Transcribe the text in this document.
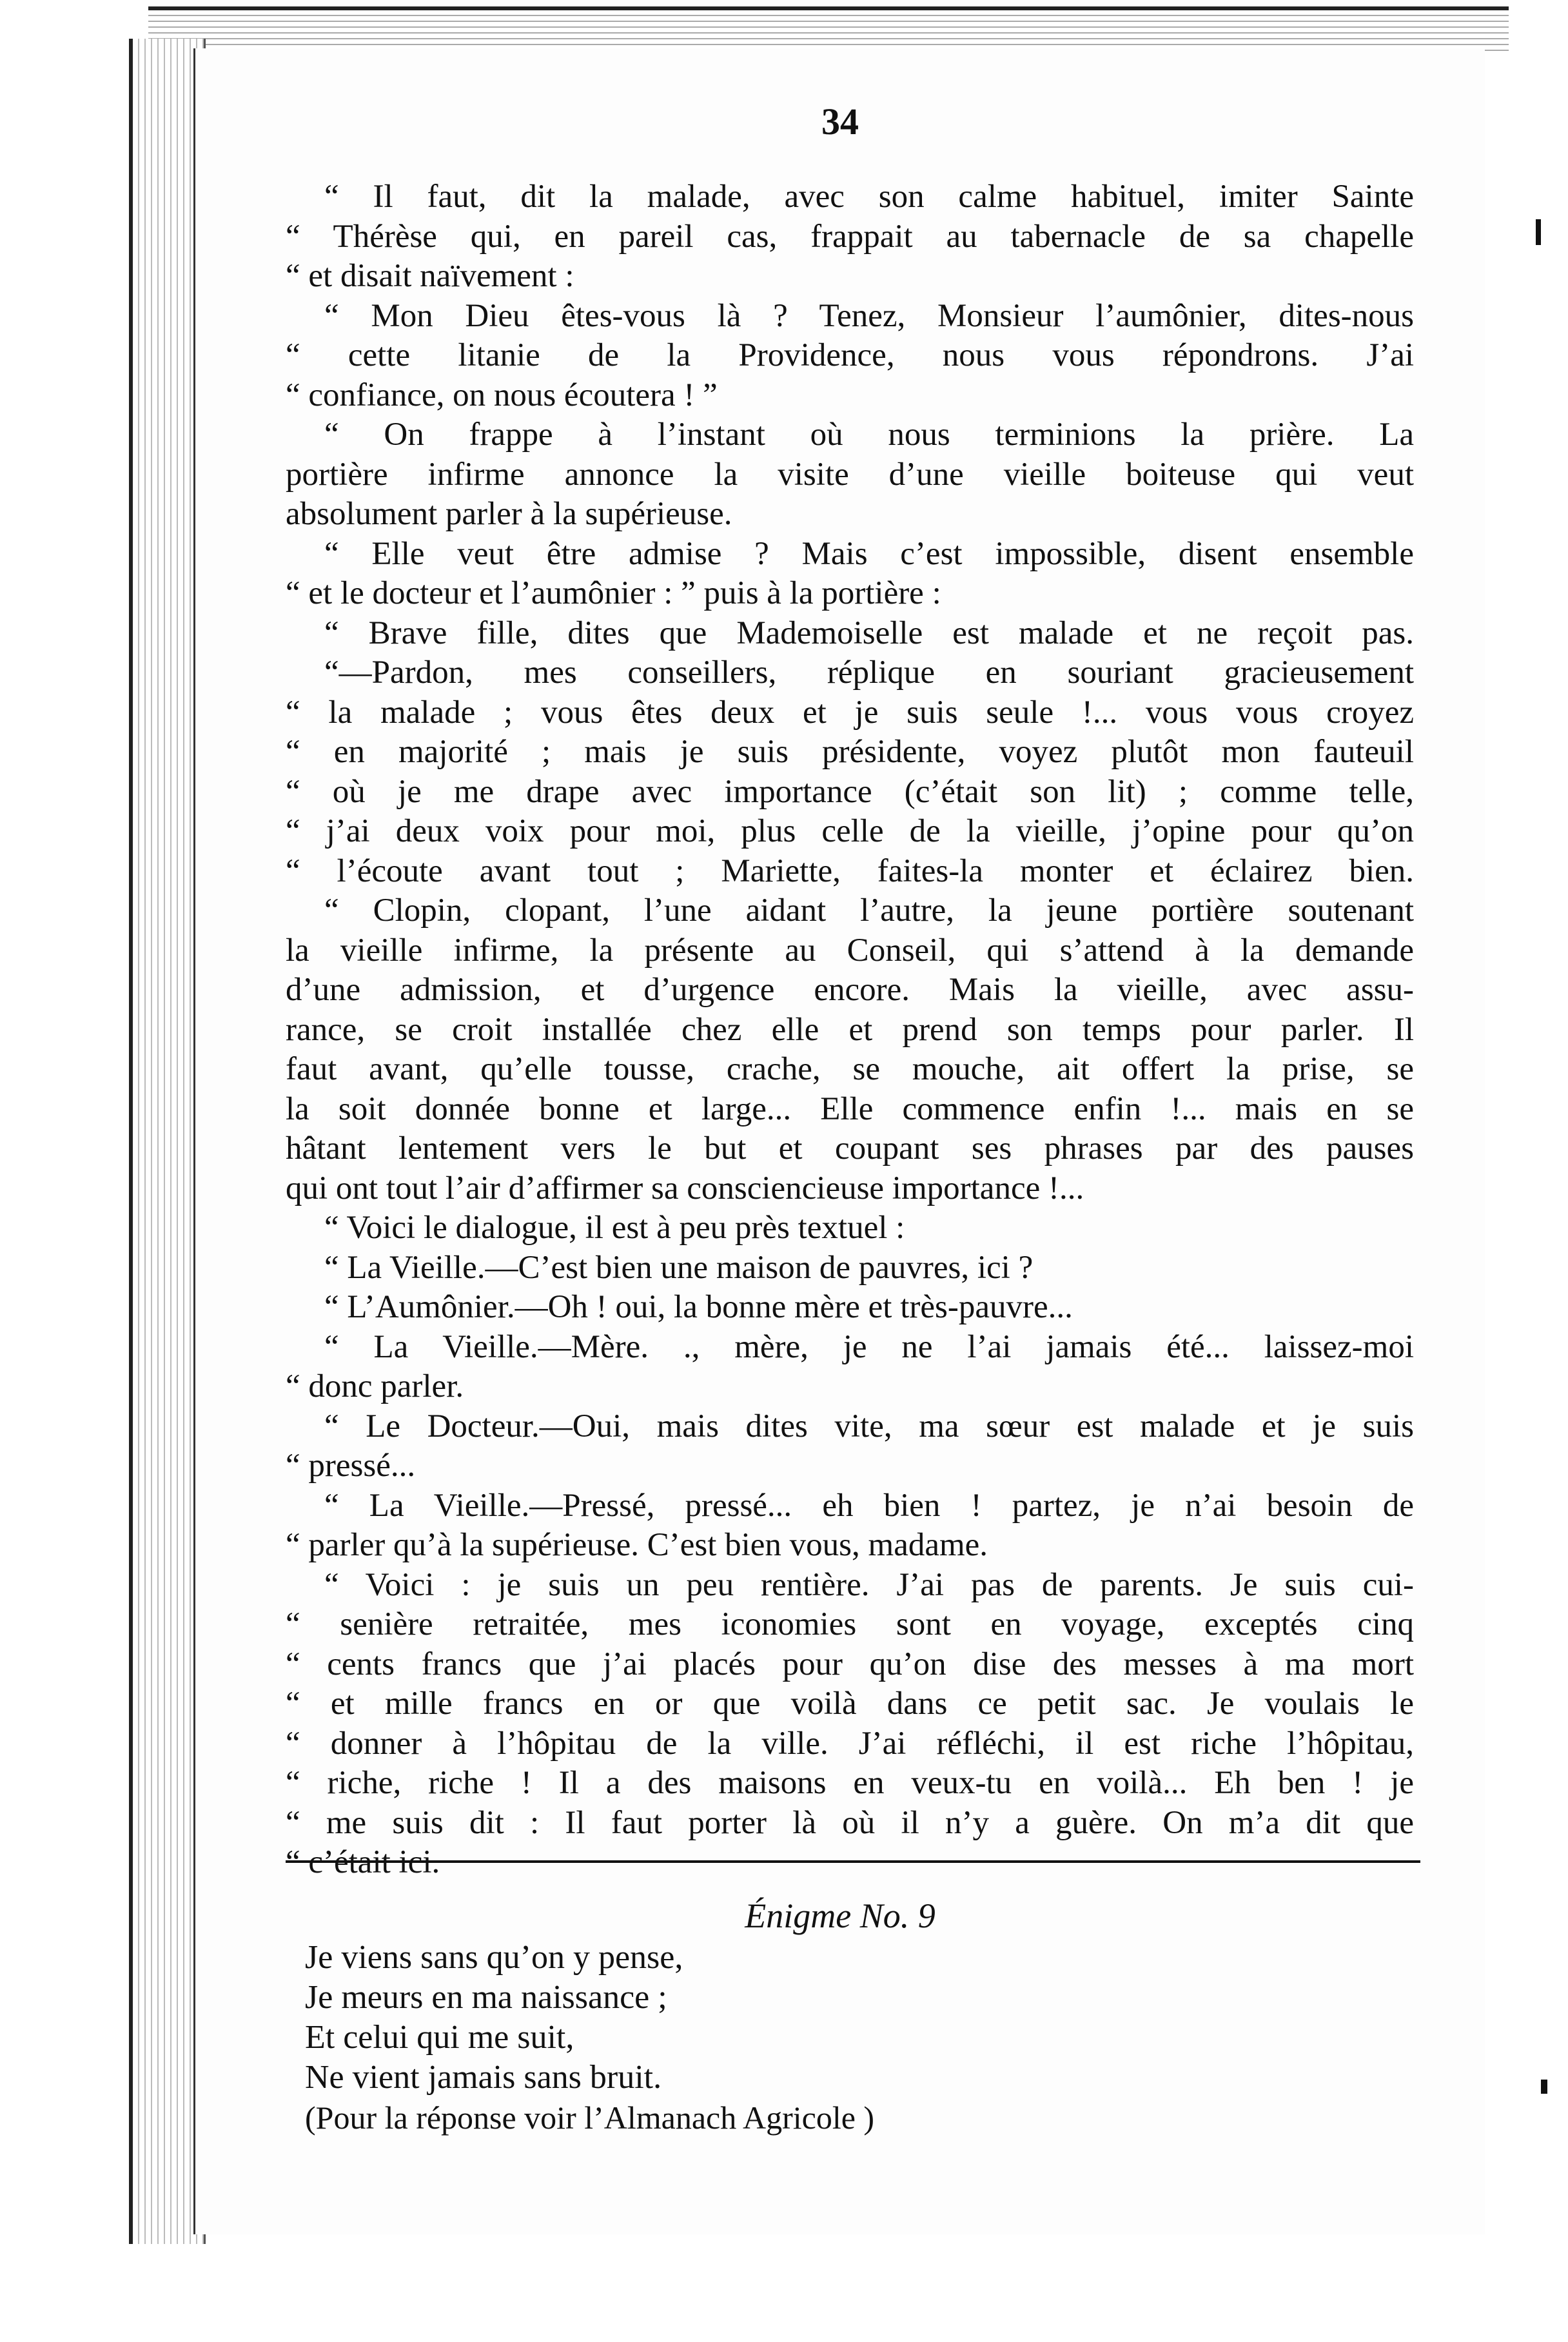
34
“ Il faut, dit la malade, avec son calme habituel, imiter Sainte
“ Thérèse qui, en pareil cas, frappait au tabernacle de sa chapelle
“ et disait naïvement :
“ Mon Dieu êtes-vous là ? Tenez, Monsieur l’aumônier, dites-nous
“ cette litanie de la Providence, nous vous répondrons. J’ai
“ confiance, on nous écoutera ! ”
“ On frappe à l’instant où nous terminions la prière. La
portière infirme annonce la visite d’une vieille boiteuse qui veut
absolument parler à la supérieuse.
“ Elle veut être admise ? Mais c’est impossible, disent ensemble
“ et le docteur et l’aumônier : ” puis à la portière :
“ Brave fille, dites que Mademoiselle est malade et ne reçoit pas.
“—Pardon, mes conseillers, réplique en souriant gracieusement
“ la malade ; vous êtes deux et je suis seule !... vous vous croyez
“ en majorité ; mais je suis présidente, voyez plutôt mon fauteuil
“ où je me drape avec importance (c’était son lit) ; comme telle,
“ j’ai deux voix pour moi, plus celle de la vieille, j’opine pour qu’on
“ l’écoute avant tout ; Mariette, faites-la monter et éclairez bien.
“ Clopin, clopant, l’une aidant l’autre, la jeune portière soutenant
la vieille infirme, la présente au Conseil, qui s’attend à la demande
d’une admission, et d’urgence encore. Mais la vieille, avec assu-
rance, se croit installée chez elle et prend son temps pour parler. Il
faut avant, qu’elle tousse, crache, se mouche, ait offert la prise, se
la soit donnée bonne et large... Elle commence enfin !... mais en se
hâtant lentement vers le but et coupant ses phrases par des pauses
qui ont tout l’air d’affirmer sa consciencieuse importance !...
“ Voici le dialogue, il est à peu près textuel :
“ La Vieille.—C’est bien une maison de pauvres, ici ?
“ L’Aumônier.—Oh ! oui, la bonne mère et très-pauvre...
“ La Vieille.—Mère. ., mère, je ne l’ai jamais été... laissez-moi
“ donc parler.
“ Le Docteur.—Oui, mais dites vite, ma sœur est malade et je suis
“ pressé...
“ La Vieille.—Pressé, pressé... eh bien ! partez, je n’ai besoin de
“ parler qu’à la supérieuse. C’est bien vous, madame.
“ Voici : je suis un peu rentière. J’ai pas de parents. Je suis cui-
“ senière retraitée, mes iconomies sont en voyage, exceptés cinq
“ cents francs que j’ai placés pour qu’on dise des messes à ma mort
“ et mille francs en or que voilà dans ce petit sac. Je voulais le
“ donner à l’hôpitau de la ville. J’ai réfléchi, il est riche l’hôpitau,
“ riche, riche ! Il a des maisons en veux-tu en voilà... Eh ben ! je
“ me suis dit : Il faut porter là où il n’y a guère. On m’a dit que
“ c’était ici.
Énigme No. 9
Je viens sans qu’on y pense,
Je meurs en ma naissance ;
Et celui qui me suit,
Ne vient jamais sans bruit.
(Pour la réponse voir l’Almanach Agricole )
